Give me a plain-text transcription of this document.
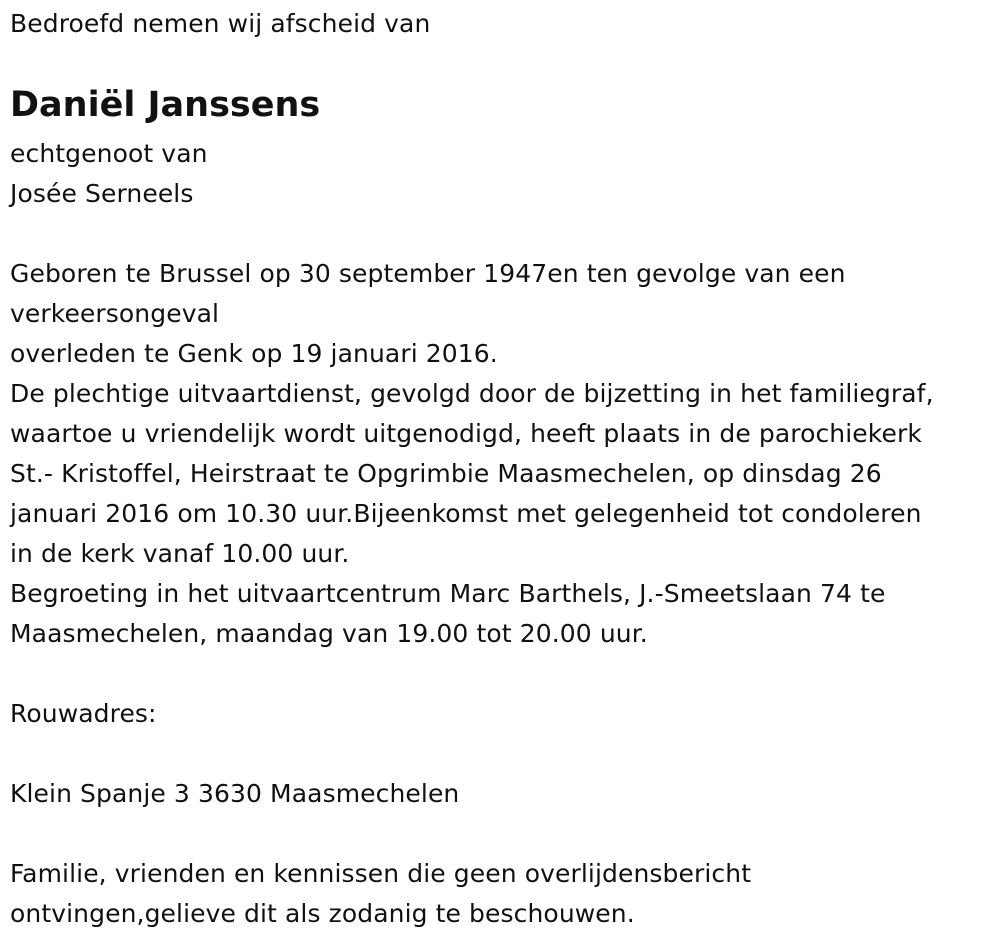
Bedroefd nemen wij afscheid van
Daniël Janssens
echtgenoot van
Josée Serneels
Geboren te Brussel op 30 september 1947en ten gevolge van een
verkeersongeval
overleden te Genk op 19 januari 2016.
De plechtige uitvaartdienst, gevolgd door de bijzetting in het familiegraf,
waartoe u vriendelijk wordt uitgenodigd, heeft plaats in de parochiekerk
St.- Kristoffel, Heirstraat te Opgrimbie Maasmechelen, op dinsdag 26
januari 2016 om 10.30 uur.Bijeenkomst met gelegenheid tot condoleren
in de kerk vanaf 10.00 uur.
Begroeting in het uitvaartcentrum Marc Barthels, J.-Smeetslaan 74 te
Maasmechelen, maandag van 19.00 tot 20.00 uur.
Rouwadres:
Klein Spanje 3 3630 Maasmechelen
Familie, vrienden en kennissen die geen overlijdensbericht
ontvingen,gelieve dit als zodanig te beschouwen.
